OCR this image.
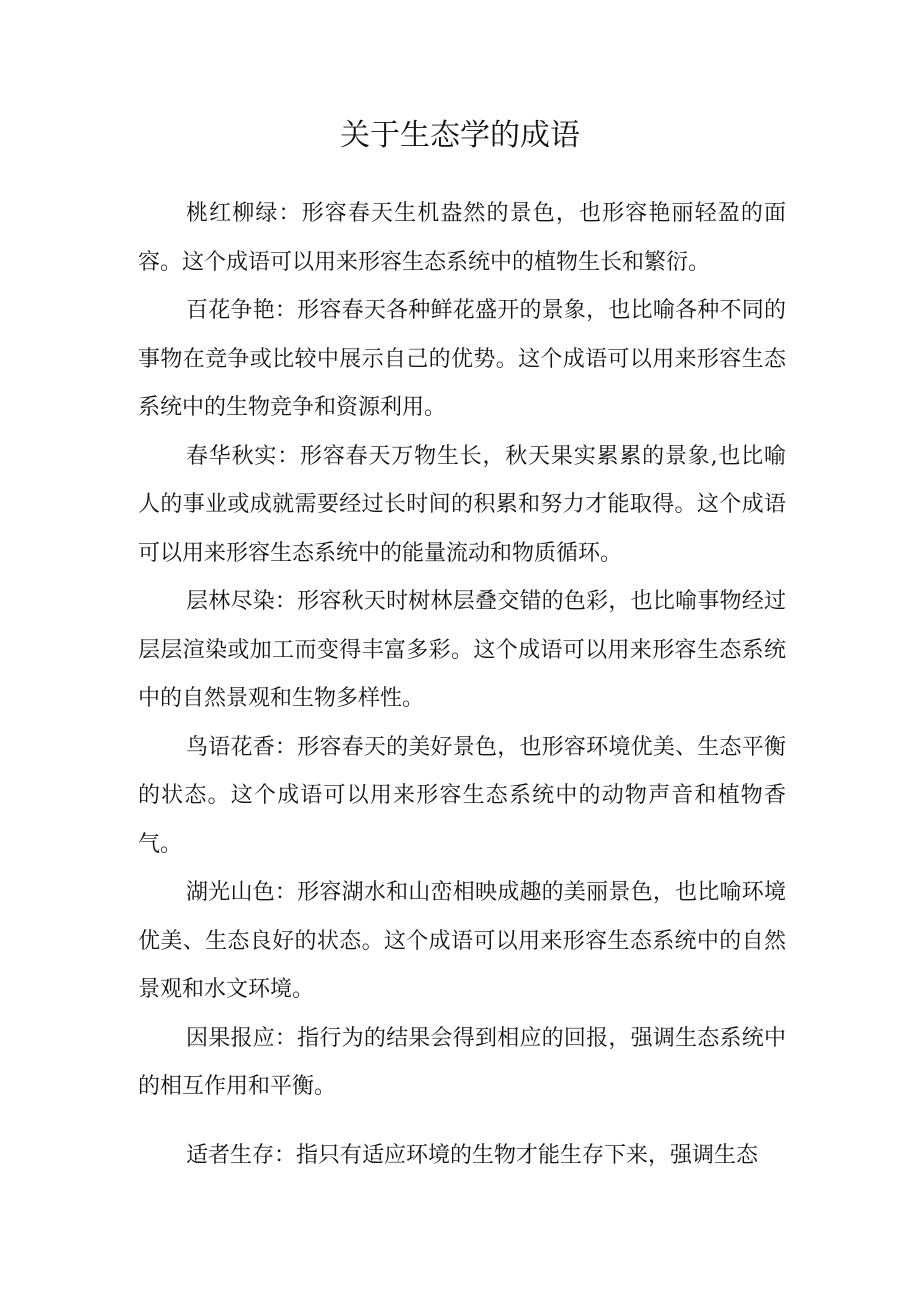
关于生态学的成语

桃红柳绿：形容春天生机盎然的景色，也形容艳丽轻盈的面容。这个成语可以用来形容生态系统中的植物生长和繁衍。

百花争艳：形容春天各种鲜花盛开的景象，也比喻各种不同的事物在竞争或比较中展示自己的优势。这个成语可以用来形容生态系统中的生物竞争和资源利用。

春华秋实：形容春天万物生长，秋天果实累累的景象,也比喻人的事业或成就需要经过长时间的积累和努力才能取得。这个成语可以用来形容生态系统中的能量流动和物质循环。

层林尽染：形容秋天时树林层叠交错的色彩，也比喻事物经过层层渲染或加工而变得丰富多彩。这个成语可以用来形容生态系统中的自然景观和生物多样性。

鸟语花香：形容春天的美好景色，也形容环境优美、生态平衡的状态。这个成语可以用来形容生态系统中的动物声音和植物香气。

湖光山色：形容湖水和山峦相映成趣的美丽景色，也比喻环境优美、生态良好的状态。这个成语可以用来形容生态系统中的自然景观和水文环境。

因果报应：指行为的结果会得到相应的回报，强调生态系统中的相互作用和平衡。

适者生存：指只有适应环境的生物才能生存下来，强调生态
